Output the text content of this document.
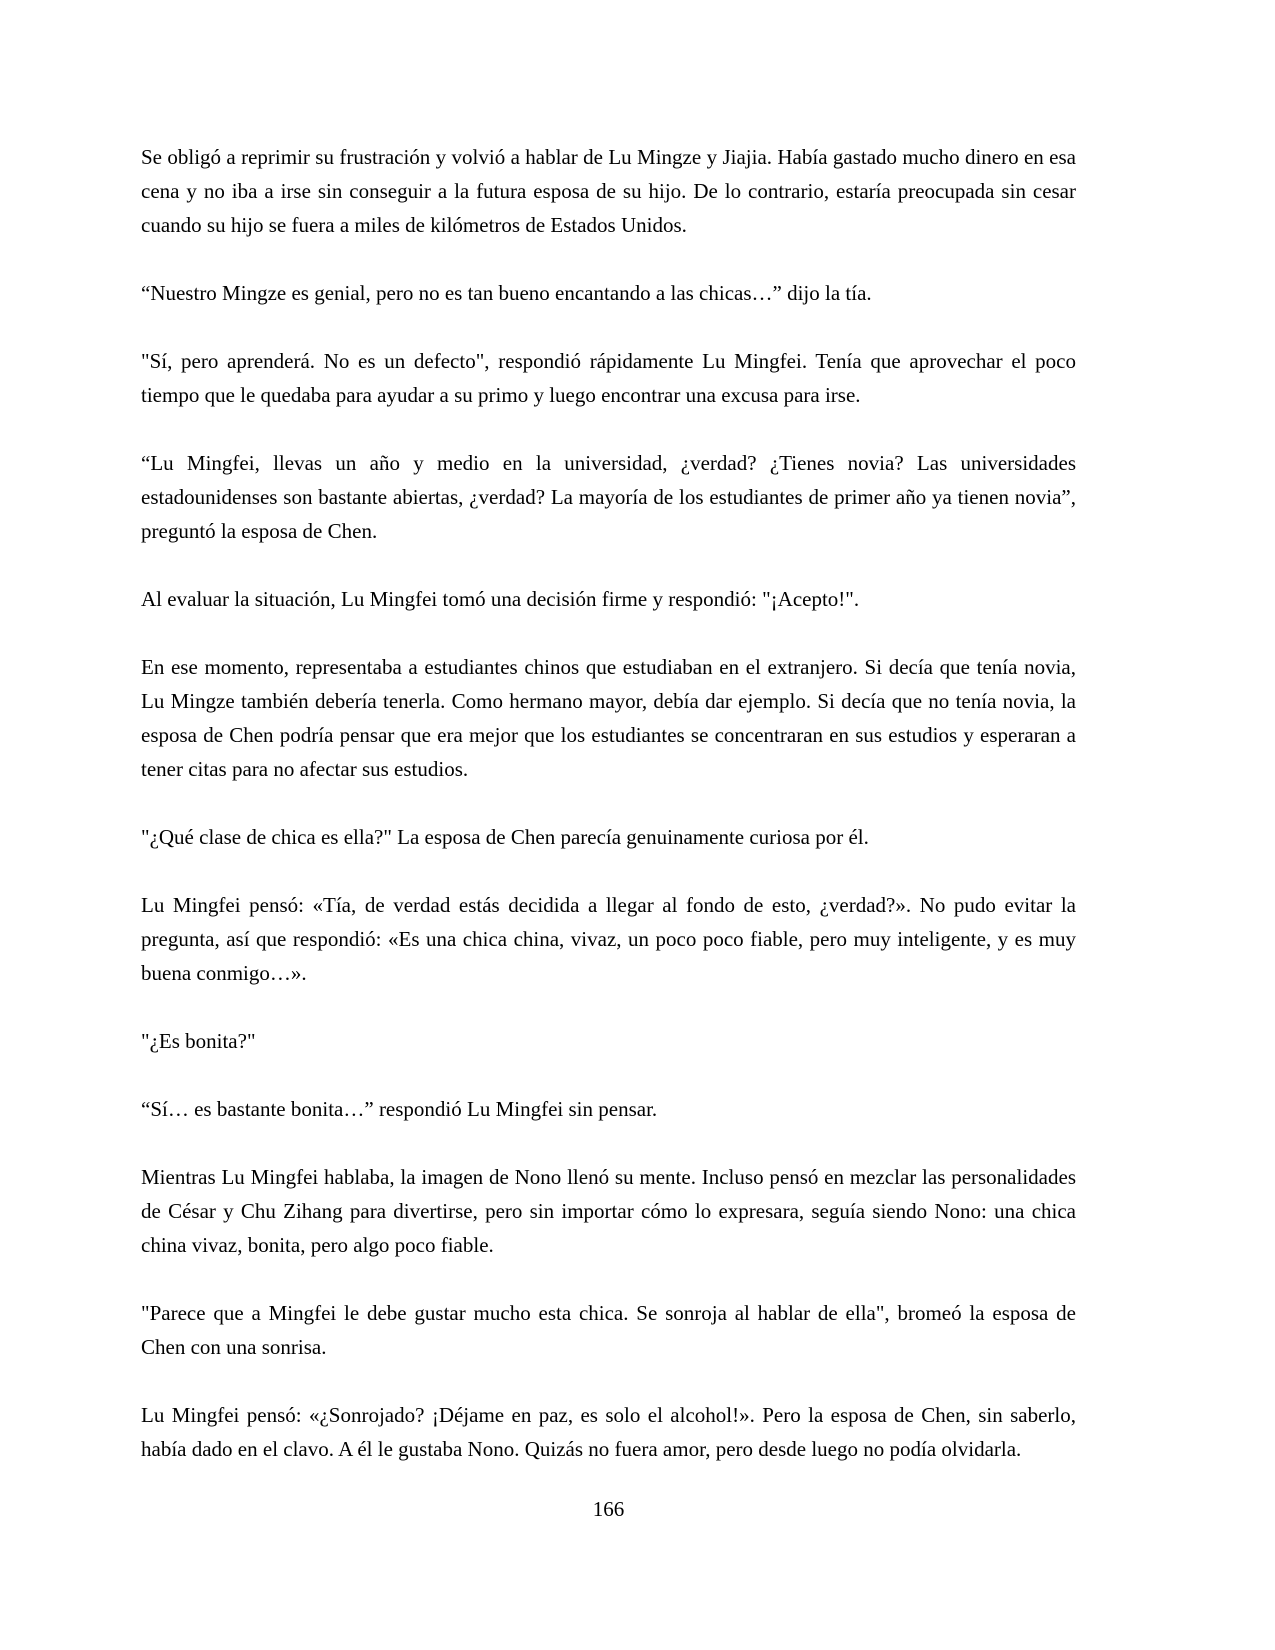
Se obligó a reprimir su frustración y volvió a hablar de Lu Mingze y Jiajia. Había gastado mucho dinero en esa cena y no iba a irse sin conseguir a la futura esposa de su hijo. De lo contrario, estaría preocupada sin cesar cuando su hijo se fuera a miles de kilómetros de Estados Unidos.

“Nuestro Mingze es genial, pero no es tan bueno encantando a las chicas…” dijo la tía.

"Sí, pero aprenderá. No es un defecto", respondió rápidamente Lu Mingfei. Tenía que aprovechar el poco tiempo que le quedaba para ayudar a su primo y luego encontrar una excusa para irse.

“Lu Mingfei, llevas un año y medio en la universidad, ¿verdad? ¿Tienes novia? Las universidades estadounidenses son bastante abiertas, ¿verdad? La mayoría de los estudiantes de primer año ya tienen novia”, preguntó la esposa de Chen.

Al evaluar la situación, Lu Mingfei tomó una decisión firme y respondió: "¡Acepto!".

En ese momento, representaba a estudiantes chinos que estudiaban en el extranjero. Si decía que tenía novia, Lu Mingze también debería tenerla. Como hermano mayor, debía dar ejemplo. Si decía que no tenía novia, la esposa de Chen podría pensar que era mejor que los estudiantes se concentraran en sus estudios y esperaran a tener citas para no afectar sus estudios.

"¿Qué clase de chica es ella?" La esposa de Chen parecía genuinamente curiosa por él.

Lu Mingfei pensó: «Tía, de verdad estás decidida a llegar al fondo de esto, ¿verdad?». No pudo evitar la pregunta, así que respondió: «Es una chica china, vivaz, un poco poco fiable, pero muy inteligente, y es muy buena conmigo…».

"¿Es bonita?"

“Sí… es bastante bonita…” respondió Lu Mingfei sin pensar.

Mientras Lu Mingfei hablaba, la imagen de Nono llenó su mente. Incluso pensó en mezclar las personalidades de César y Chu Zihang para divertirse, pero sin importar cómo lo expresara, seguía siendo Nono: una chica china vivaz, bonita, pero algo poco fiable.

"Parece que a Mingfei le debe gustar mucho esta chica. Se sonroja al hablar de ella", bromeó la esposa de Chen con una sonrisa.

Lu Mingfei pensó: «¿Sonrojado? ¡Déjame en paz, es solo el alcohol!». Pero la esposa de Chen, sin saberlo, había dado en el clavo. A él le gustaba Nono. Quizás no fuera amor, pero desde luego no podía olvidarla.

166
